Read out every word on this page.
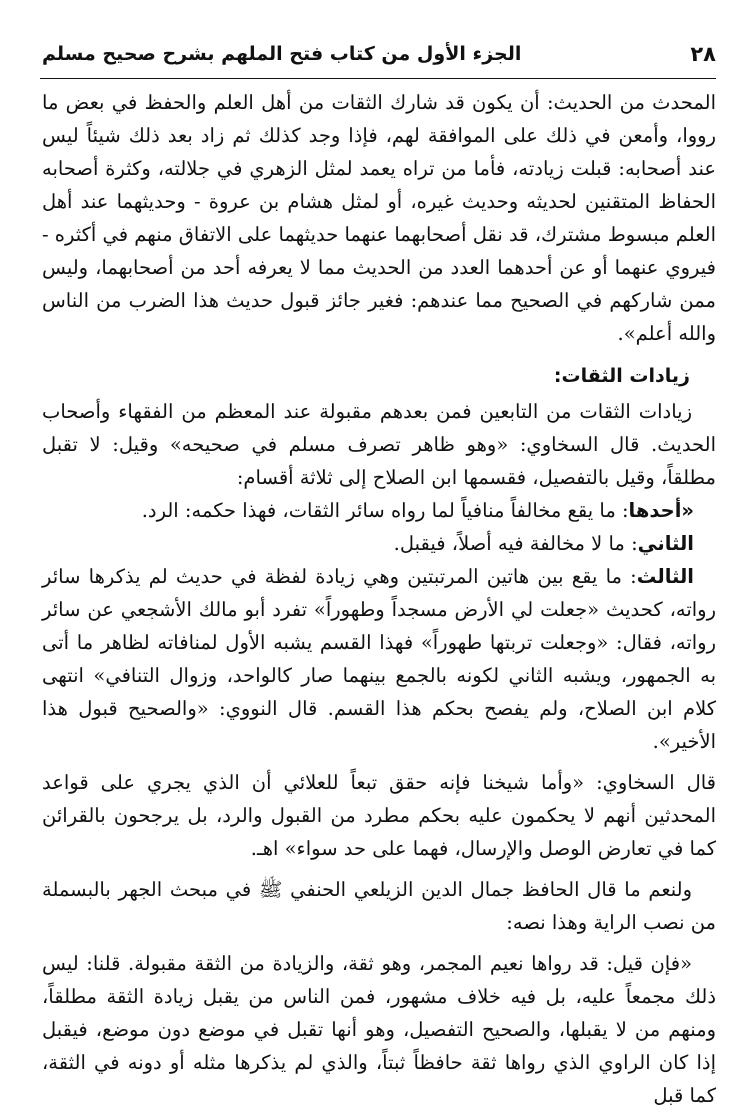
٢٨
الجزء الأول من كتاب فتح الملهم بشرح صحيح مسلم

المحدث من الحديث: أن يكون قد شارك الثقات من أهل العلم والحفظ في بعض ما رووا، وأمعن في ذلك على الموافقة لهم، فإذا وجد كذلك ثم زاد بعد ذلك شيئاً ليس عند أصحابه: قبلت زيادته، فأما من تراه يعمد لمثل الزهري في جلالته، وكثرة أصحابه الحفاظ المتقنين لحديثه وحديث غيره، أو لمثل هشام بن عروة - وحديثهما عند أهل العلم مبسوط مشترك، قد نقل أصحابهما عنهما حديثهما على الاتفاق منهم في أكثره - فيروي عنهما أو عن أحدهما العدد من الحديث مما لا يعرفه أحد من أصحابهما، وليس ممن شاركهم في الصحيح مما عندهم: فغير جائز قبول حديث هذا الضرب من الناس والله أعلم».

زيادات الثقات:

زيادات الثقات من التابعين فمن بعدهم مقبولة عند المعظم من الفقهاء وأصحاب الحديث. قال السخاوي: «وهو ظاهر تصرف مسلم في صحيحه» وقيل: لا تقبل مطلقاً، وقيل بالتفصيل، فقسمها ابن الصلاح إلى ثلاثة أقسام:

«أحدها: ما يقع مخالفاً منافياً لما رواه سائر الثقات، فهذا حكمه: الرد.

الثاني: ما لا مخالفة فيه أصلاً، فيقبل.

الثالث: ما يقع بين هاتين المرتبتين وهي زيادة لفظة في حديث لم يذكرها سائر رواته، كحديث «جعلت لي الأرض مسجداً وطهوراً» تفرد أبو مالك الأشجعي عن سائر رواته، فقال: «وجعلت تربتها طهوراً» فهذا القسم يشبه الأول لمنافاته لظاهر ما أتى به الجمهور، ويشبه الثاني لكونه بالجمع بينهما صار كالواحد، وزوال التنافي» انتهى كلام ابن الصلاح، ولم يفصح بحكم هذا القسم. قال النووي: «والصحيح قبول هذا الأخير».

قال السخاوي: «وأما شيخنا فإنه حقق تبعاً للعلائي أن الذي يجري على قواعد المحدثين أنهم لا يحكمون عليه بحكم مطرد من القبول والرد، بل يرجحون بالقرائن كما في تعارض الوصل والإرسال، فهما على حد سواء» اهـ.

ولنعم ما قال الحافظ جمال الدين الزيلعي الحنفي ﷺ في مبحث الجهر بالبسملة من نصب الراية وهذا نصه:

«فإن قيل: قد رواها نعيم المجمر، وهو ثقة، والزيادة من الثقة مقبولة. قلنا: ليس ذلك مجمعاً عليه، بل فيه خلاف مشهور، فمن الناس من يقبل زيادة الثقة مطلقاً، ومنهم من لا يقبلها، والصحيح التفصيل، وهو أنها تقبل في موضع دون موضع، فيقبل إذا كان الراوي الذي رواها ثقة حافظاً ثبتاً، والذي لم يذكرها مثله أو دونه في الثقة، كما قبل
